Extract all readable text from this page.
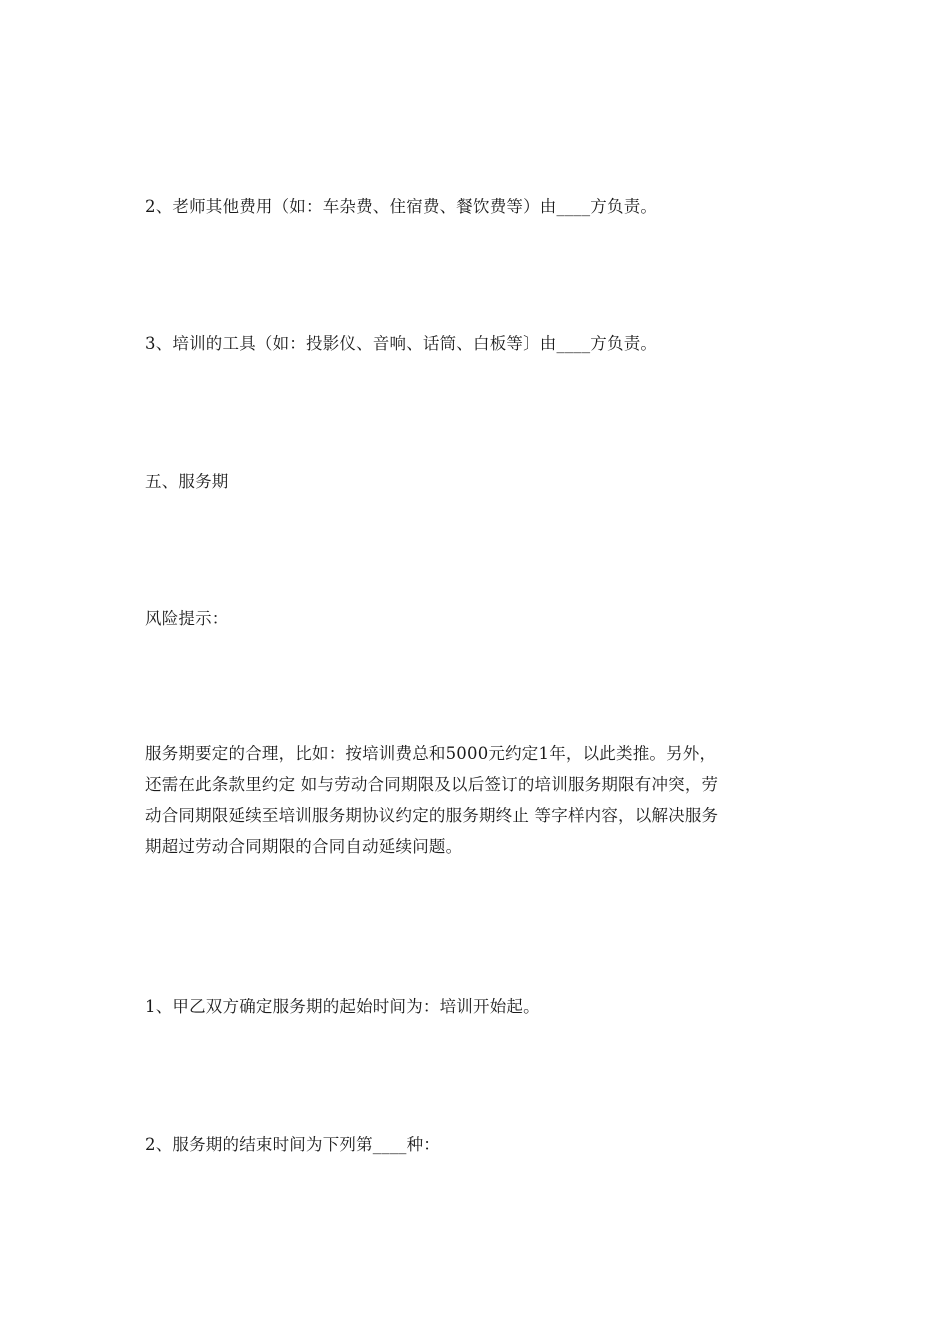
2、老师其他费用（如：车杂费、住宿费、餐饮费等）由____方负责。
3、培训的工具（如：投影仪、音响、话筒、白板等〕由____方负责。
五、服务期
风险提示：
服务期要定的合理，比如：按培训费总和5000元约定1年，以此类推。另外，
还需在此条款里约定 如与劳动合同期限及以后签订的培训服务期限有冲突，劳
动合同期限延续至培训服务期协议约定的服务期终止 等字样内容，以解决服务
期超过劳动合同期限的合同自动延续问题。
1、甲乙双方确定服务期的起始时间为：培训开始起。
2、服务期的结束时间为下列第____种：
